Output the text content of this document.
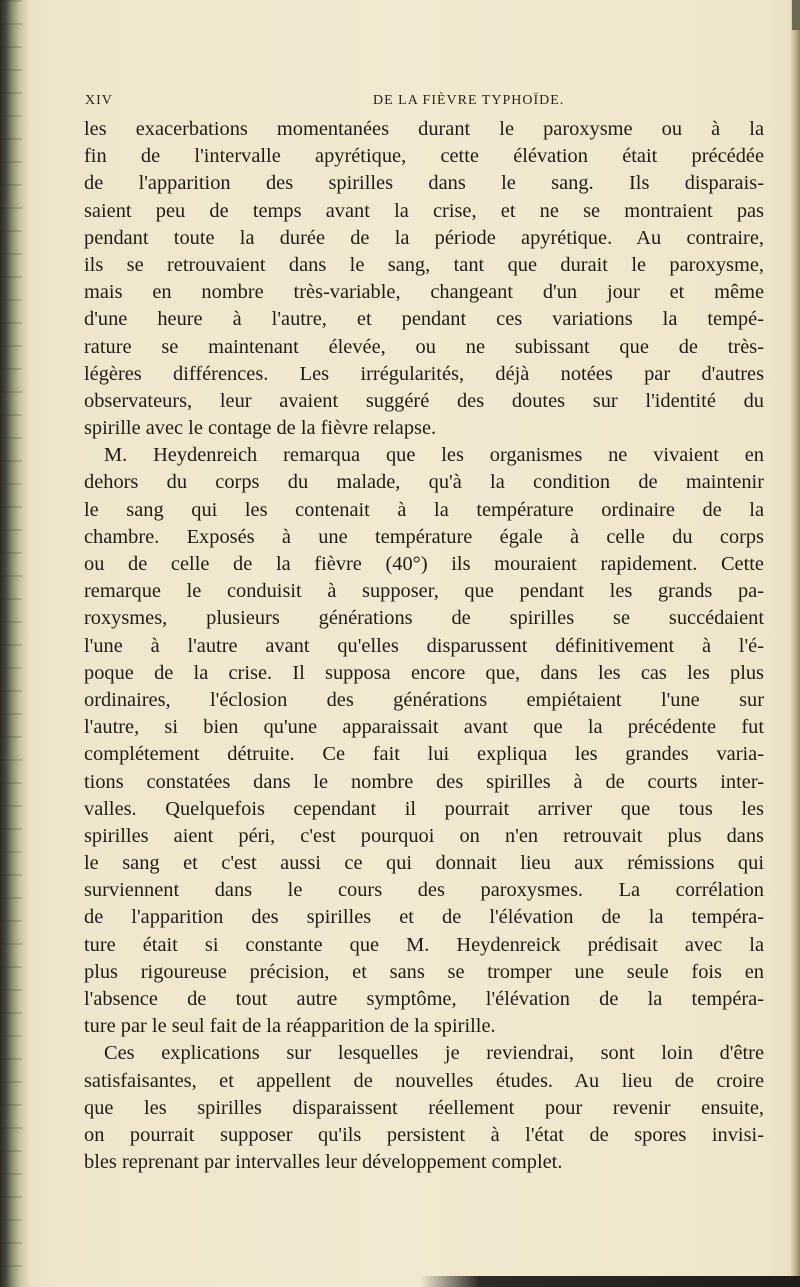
XIV	DE LA FIÈVRE TYPHOÏDE.
les exacerbations momentanées durant le paroxysme ou à la
fin de l'intervalle apyrétique, cette élévation était précédée
de l'apparition des spirilles dans le sang. Ils disparais-
saient peu de temps avant la crise, et ne se montraient pas
pendant toute la durée de la période apyrétique. Au contraire,
ils se retrouvaient dans le sang, tant que durait le paroxysme,
mais en nombre très-variable, changeant d'un jour et même
d'une heure à l'autre, et pendant ces variations la tempé-
rature se maintenant élevée, ou ne subissant que de très-
légères différences. Les irrégularités, déjà notées par d'autres
observateurs, leur avaient suggéré des doutes sur l'identité du
spirille avec le contage de la fièvre relapse.
M. Heydenreich remarqua que les organismes ne vivaient en
dehors du corps du malade, qu'à la condition de maintenir
le sang qui les contenait à la température ordinaire de la
chambre. Exposés à une température égale à celle du corps
ou de celle de la fièvre (40°) ils mouraient rapidement. Cette
remarque le conduisit à supposer, que pendant les grands pa-
roxysmes, plusieurs générations de spirilles se succédaient
l'une à l'autre avant qu'elles disparussent définitivement à l'é-
poque de la crise. Il supposa encore que, dans les cas les plus
ordinaires, l'éclosion des générations empiétaient l'une sur
l'autre, si bien qu'une apparaissait avant que la précédente fut
complétement détruite. Ce fait lui expliqua les grandes varia-
tions constatées dans le nombre des spirilles à de courts inter-
valles. Quelquefois cependant il pourrait arriver que tous les
spirilles aient péri, c'est pourquoi on n'en retrouvait plus dans
le sang et c'est aussi ce qui donnait lieu aux rémissions qui
surviennent dans le cours des paroxysmes. La corrélation
de l'apparition des spirilles et de l'élévation de la tempéra-
ture était si constante que M. Heydenreick prédisait avec la
plus rigoureuse précision, et sans se tromper une seule fois en
l'absence de tout autre symptôme, l'élévation de la tempéra-
ture par le seul fait de la réapparition de la spirille.
Ces explications sur lesquelles je reviendrai, sont loin d'être
satisfaisantes, et appellent de nouvelles études. Au lieu de croire
que les spirilles disparaissent réellement pour revenir ensuite,
on pourrait supposer qu'ils persistent à l'état de spores invisi-
bles reprenant par intervalles leur développement complet.
